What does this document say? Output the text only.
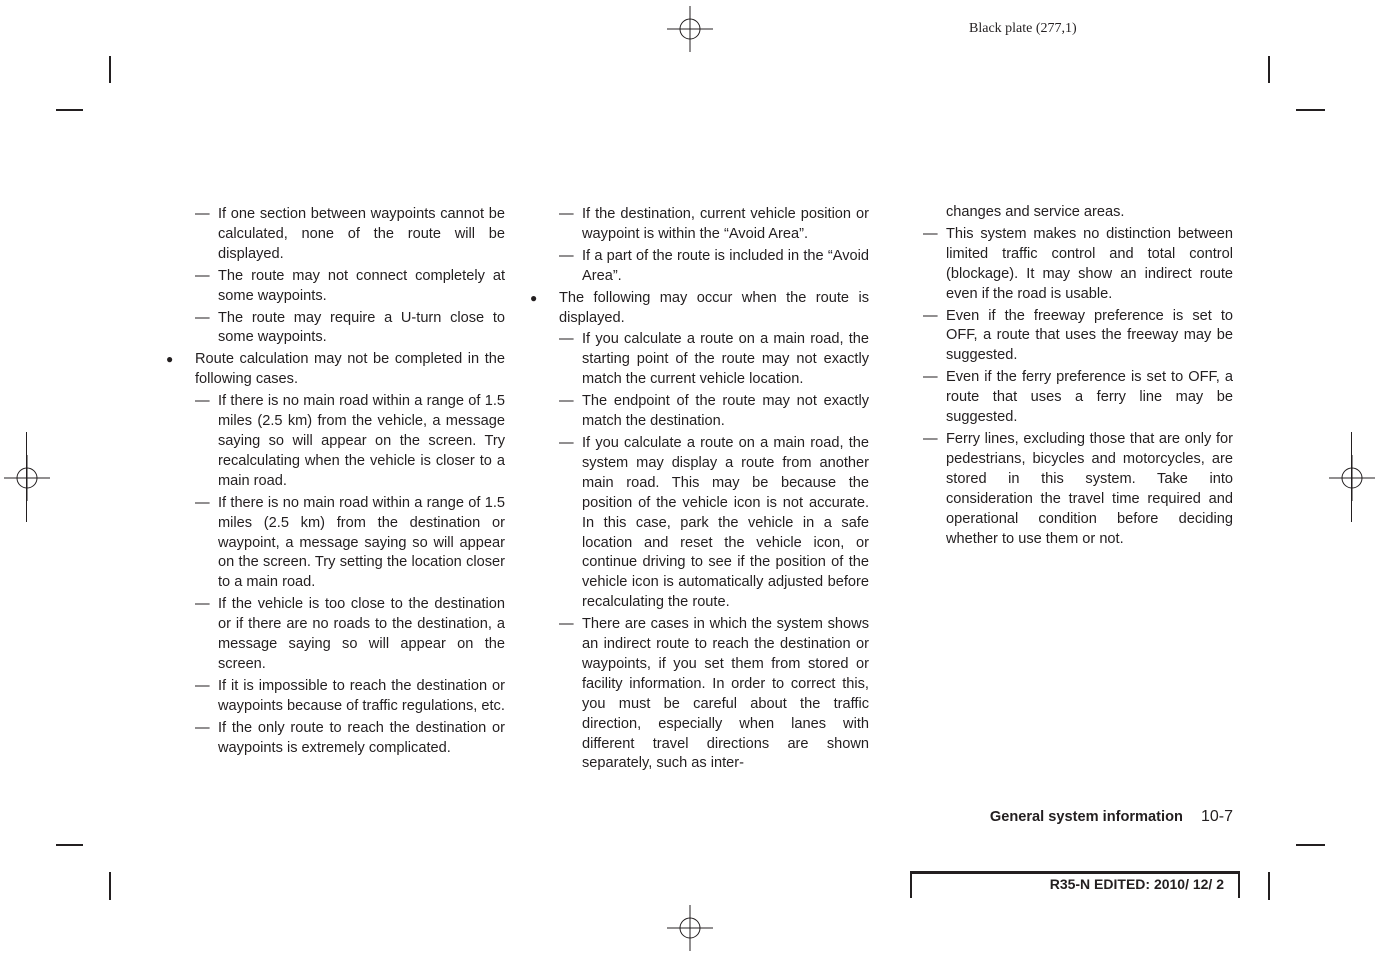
Black plate (277,1)
— If one section between waypoints cannot be calculated, none of the route will be displayed.
— The route may not connect completely at some waypoints.
— The route may require a U-turn close to some waypoints.
● Route calculation may not be completed in the following cases.
— If there is no main road within a range of 1.5 miles (2.5 km) from the vehicle, a message saying so will appear on the screen. Try recalculating when the vehicle is closer to a main road.
— If there is no main road within a range of 1.5 miles (2.5 km) from the destination or waypoint, a message saying so will appear on the screen. Try setting the location closer to a main road.
— If the vehicle is too close to the destination or if there are no roads to the destination, a message saying so will appear on the screen.
— If it is impossible to reach the destination or waypoints because of traffic regulations, etc.
— If the only route to reach the destination or waypoints is extremely complicated.
— If the destination, current vehicle position or waypoint is within the “Avoid Area”.
— If a part of the route is included in the “Avoid Area”.
● The following may occur when the route is displayed.
— If you calculate a route on a main road, the starting point of the route may not exactly match the current vehicle location.
— The endpoint of the route may not exactly match the destination.
— If you calculate a route on a main road, the system may display a route from another main road. This may be because the position of the vehicle icon is not accurate. In this case, park the vehicle in a safe location and reset the vehicle icon, or continue driving to see if the position of the vehicle icon is automatically adjusted before recalculating the route.
— There are cases in which the system shows an indirect route to reach the destination or waypoints, if you set them from stored or facility information. In order to correct this, you must be careful about the traffic direction, especially when lanes with different travel directions are shown separately, such as inter-
changes and service areas.
— This system makes no distinction between limited traffic control and total control (blockage). It may show an indirect route even if the road is usable.
— Even if the freeway preference is set to OFF, a route that uses the freeway may be suggested.
— Even if the ferry preference is set to OFF, a route that uses a ferry line may be suggested.
— Ferry lines, excluding those that are only for pedestrians, bicycles and motorcycles, are stored in this system. Take into consideration the travel time required and operational condition before deciding whether to use them or not.
General system information 10-7
R35-N EDITED: 2010/ 12/ 2
